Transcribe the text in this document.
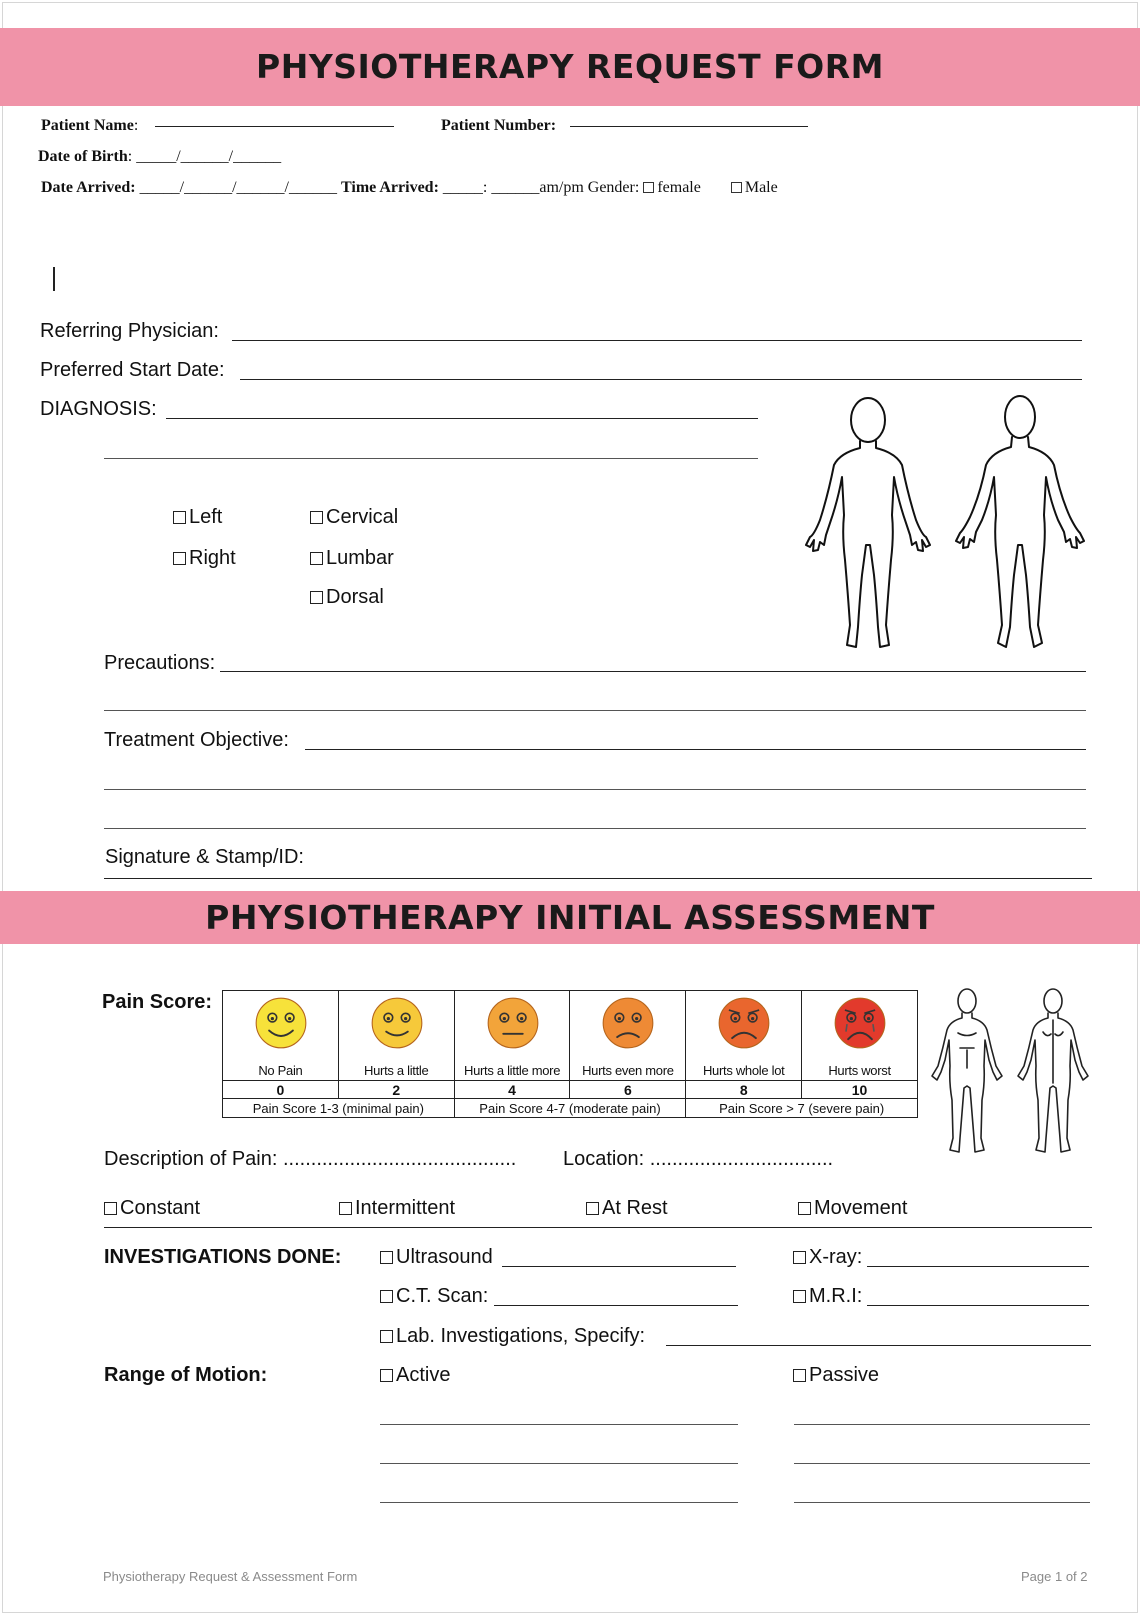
PHYSIOTHERAPY REQUEST FORM
Patient Name:	Patient Number:
Date of Birth: _____/______/______
Date Arrived: _____/______/______/______ Time Arrived: _____: ______am/pm Gender: female	Male
Referring Physician:
Preferred Start Date:
DIAGNOSIS:
Left
Right
Cervical
Lumbar
Dorsal
Precautions:
Treatment Objective:
Signature & Stamp/ID:
PHYSIOTHERAPY INITIAL ASSESSMENT
Pain Score:
No Pain	Hurts a little	Hurts a little more	Hurts even more	Hurts whole lot	Hurts worst

0	2	4	6	8	10
Pain Score 1-3 (minimal pain)		Pain Score 4-7 (moderate pain)		Pain Score > 7 (severe pain)	
Description of Pain: .......................................... Location: .................................
Constant	Intermittent	At Rest	Movement
INVESTIGATIONS DONE:	Ultrasound	X-ray:
C.T. Scan:	M.R.I:
Lab. Investigations, Specify:
Range of Motion:	Active	Passive
Physiotherapy Request & Assessment Form	Page 1 of 2
